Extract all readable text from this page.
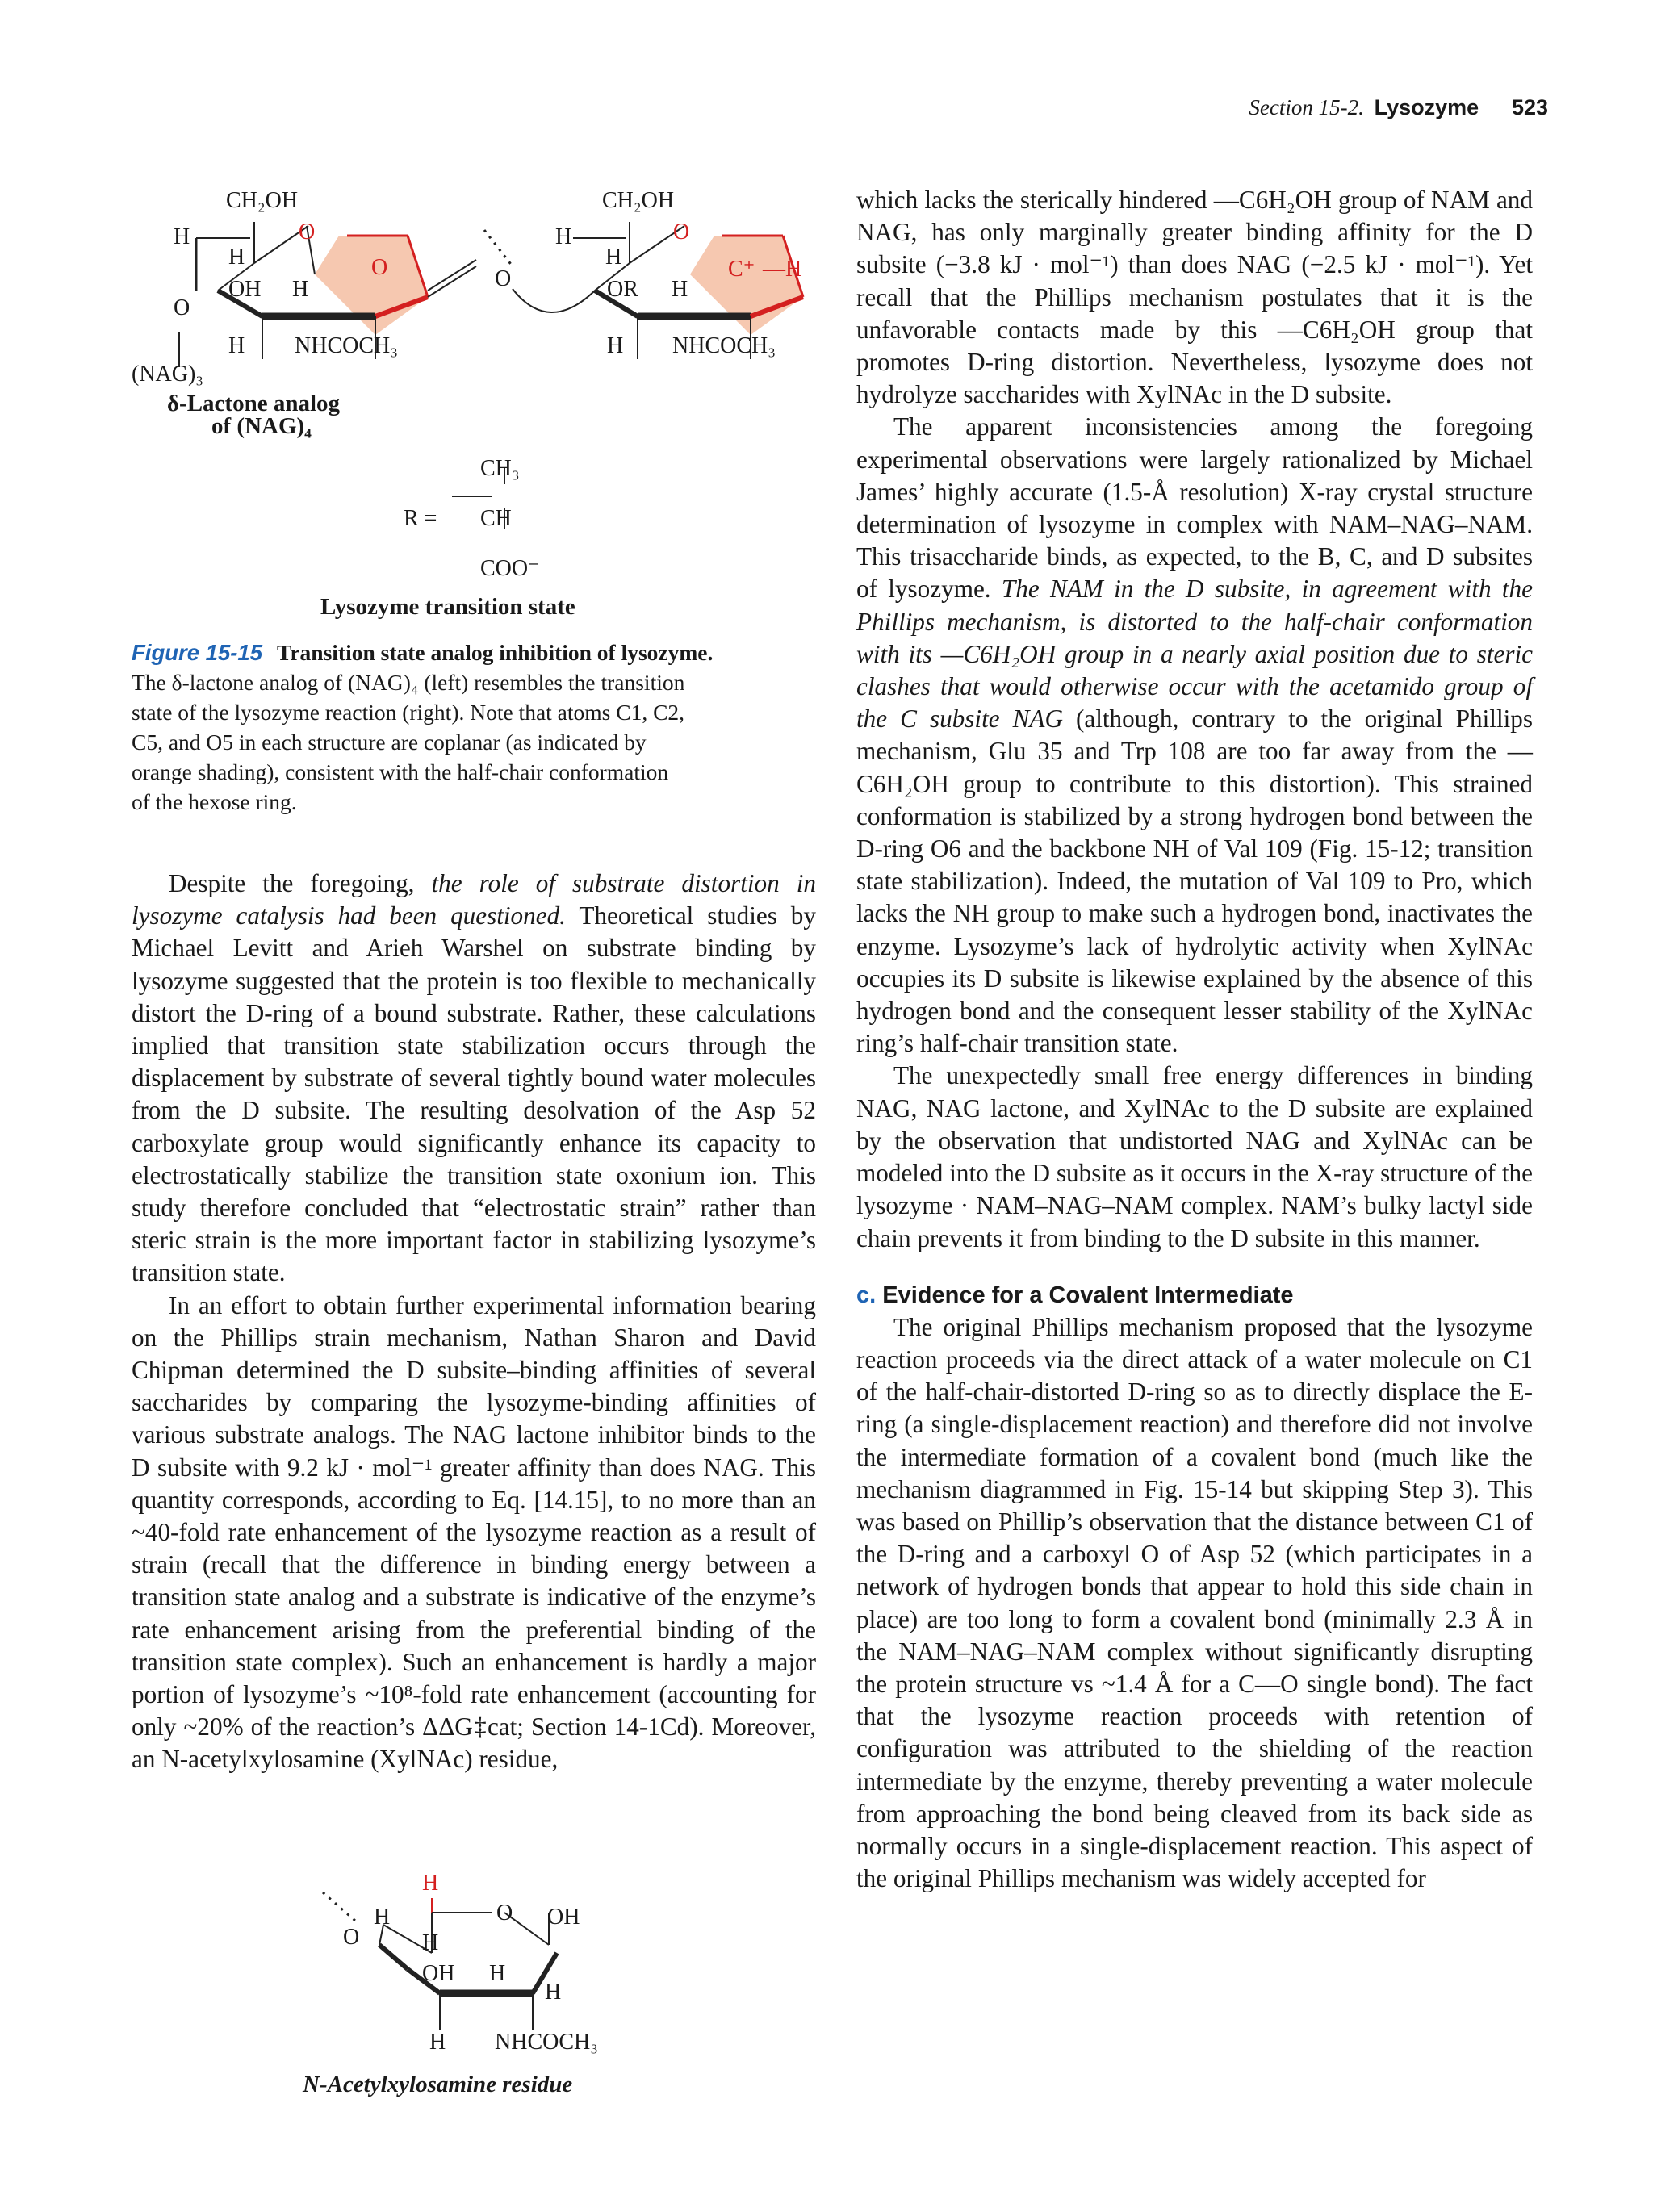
Section 15-2. Lysozyme 523
CH₂OH
O
H
H	O
OH H
O
H NHCOCH₃
(NAG)₃
δ-Lactone analog
of (NAG)₄
CH₂OH
O
H
H	C⁺ —H
O	OR H
H NHCOCH₃
CH₃
R = CH
COO⁻
Lysozyme transition state
Figure 15-15 Transition state analog inhibition of lysozyme.
The δ-lactone analog of (NAG)₄ (left) resembles the transition
state of the lysozyme reaction (right). Note that atoms C1, C2,
C5, and O5 in each structure are coplanar (as indicated by
orange shading), consistent with the half-chair conformation
of the hexose ring.

Despite the foregoing, the role of substrate distortion in lysozyme catalysis had been questioned. Theoretical studies by Michael Levitt and Arieh Warshel on substrate binding by lysozyme suggested that the protein is too flexible to mechanically distort the D-ring of a bound substrate. Rather, these calculations implied that transition state stabilization occurs through the displacement by substrate of several tightly bound water molecules from the D subsite. The resulting desolvation of the Asp 52 carboxylate group would significantly enhance its capacity to electrostatically stabilize the transition state oxonium ion. This study therefore concluded that “electrostatic strain” rather than steric strain is the more important factor in stabilizing lysozyme’s transition state.

In an effort to obtain further experimental information bearing on the Phillips strain mechanism, Nathan Sharon and David Chipman determined the D subsite–binding affinities of several saccharides by comparing the lysozyme-binding affinities of various substrate analogs. The NAG lactone inhibitor binds to the D subsite with 9.2 kJ · mol⁻¹ greater affinity than does NAG. This quantity corresponds, according to Eq. [14.15], to no more than an ~40-fold rate enhancement of the lysozyme reaction as a result of strain (recall that the difference in binding energy between a transition state analog and a substrate is indicative of the enzyme’s rate enhancement arising from the preferential binding of the transition state complex). Such an enhancement is hardly a major portion of lysozyme’s ~10⁸-fold rate enhancement (accounting for only ~20% of the reaction’s ΔΔG‡cat; Section 14-1Cd). Moreover, an N-acetylxylosamine (XylNAc) residue,

H
O OH
H
O	H
OH H
H
H NHCOCH₃
N-Acetylxylosamine residue

which lacks the sterically hindered —C6H₂OH group of NAM and NAG, has only marginally greater binding affinity for the D subsite (−3.8 kJ · mol⁻¹) than does NAG (−2.5 kJ · mol⁻¹). Yet recall that the Phillips mechanism postulates that it is the unfavorable contacts made by this —C6H₂OH group that promotes D-ring distortion. Nevertheless, lysozyme does not hydrolyze saccharides with XylNAc in the D subsite.

The apparent inconsistencies among the foregoing experimental observations were largely rationalized by Michael James’ highly accurate (1.5-Å resolution) X-ray crystal structure determination of lysozyme in complex with NAM–NAG–NAM. This trisaccharide binds, as expected, to the B, C, and D subsites of lysozyme. The NAM in the D subsite, in agreement with the Phillips mechanism, is distorted to the half-chair conformation with its —C6H₂OH group in a nearly axial position due to steric clashes that would otherwise occur with the acetamido group of the C subsite NAG (although, contrary to the original Phillips mechanism, Glu 35 and Trp 108 are too far away from the —C6H₂OH group to contribute to this distortion). This strained conformation is stabilized by a strong hydrogen bond between the D-ring O6 and the backbone NH of Val 109 (Fig. 15-12; transition state stabilization). Indeed, the mutation of Val 109 to Pro, which lacks the NH group to make such a hydrogen bond, inactivates the enzyme. Lysozyme’s lack of hydrolytic activity when XylNAc occupies its D subsite is likewise explained by the absence of this hydrogen bond and the consequent lesser stability of the XylNAc ring’s half-chair transition state.

The unexpectedly small free energy differences in binding NAG, NAG lactone, and XylNAc to the D subsite are explained by the observation that undistorted NAG and XylNAc can be modeled into the D subsite as it occurs in the X-ray structure of the lysozyme · NAM–NAG–NAM complex. NAM’s bulky lactyl side chain prevents it from binding to the D subsite in this manner.

c. Evidence for a Covalent Intermediate

The original Phillips mechanism proposed that the lysozyme reaction proceeds via the direct attack of a water molecule on C1 of the half-chair-distorted D-ring so as to directly displace the E-ring (a single-displacement reaction) and therefore did not involve the intermediate formation of a covalent bond (much like the mechanism diagrammed in Fig. 15-14 but skipping Step 3). This was based on Phillip’s observation that the distance between C1 of the D-ring and a carboxyl O of Asp 52 (which participates in a network of hydrogen bonds that appear to hold this side chain in place) are too long to form a covalent bond (minimally 2.3 Å in the NAM–NAG–NAM complex without significantly disrupting the protein structure vs ~1.4 Å for a C—O single bond). The fact that the lysozyme reaction proceeds with retention of configuration was attributed to the shielding of the reaction intermediate by the enzyme, thereby preventing a water molecule from approaching the bond being cleaved from its back side as normally occurs in a single-displacement reaction. This aspect of the original Phillips mechanism was widely accepted for
